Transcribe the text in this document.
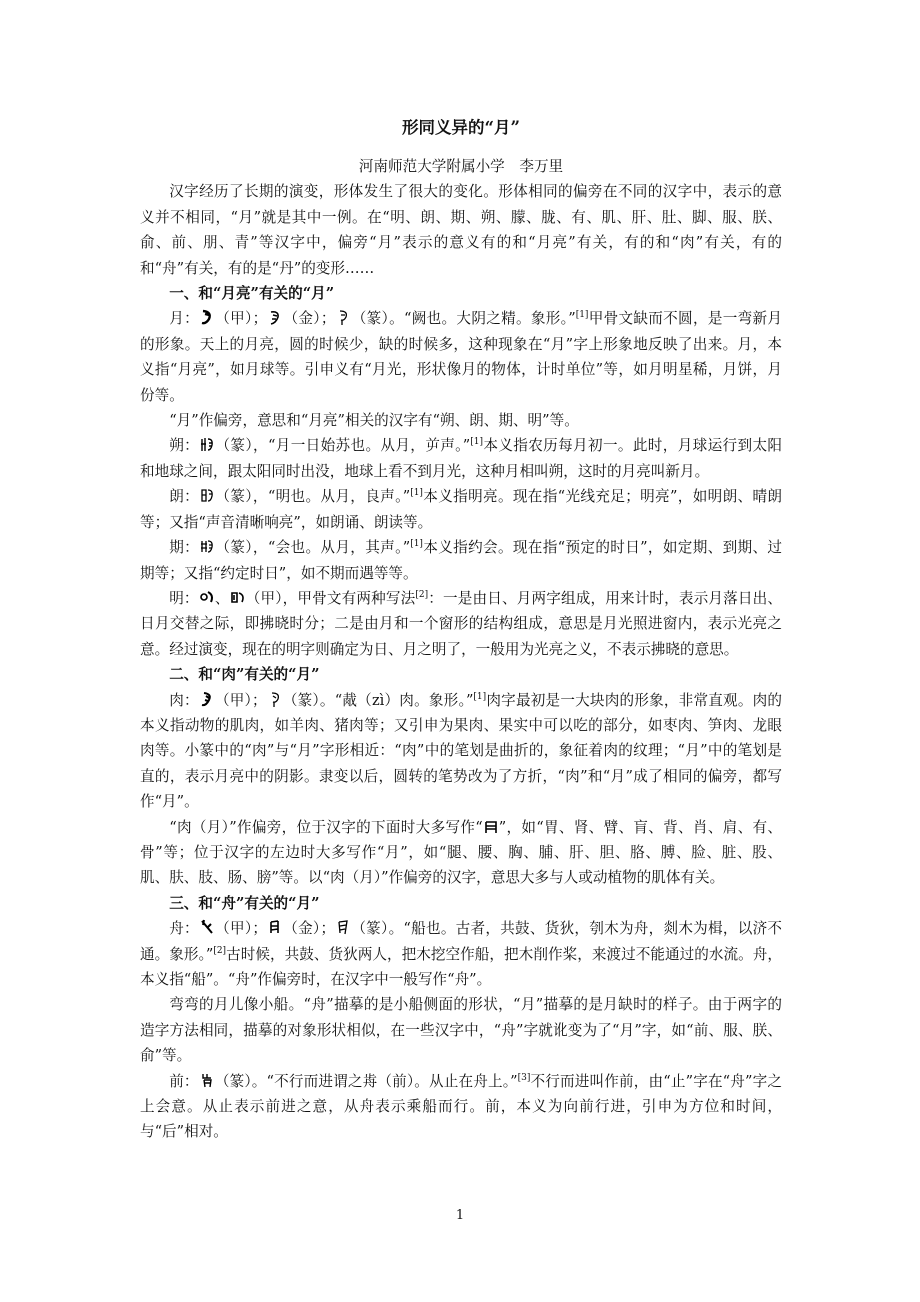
形同义异的“月”

河南师范大学附属小学　李万里

汉字经历了长期的演变，形体发生了很大的变化。形体相同的偏旁在不同的汉字中，表示的意义并不相同，“月”就是其中一例。在“明、朗、期、朔、朦、胧、有、肌、肝、肚、脚、服、朕、俞、前、朋、青”等汉字中，偏旁“月”表示的意义有的和“月亮”有关，有的和“肉”有关，有的和“舟”有关，有的是“丹”的变形……

一、和“月亮”有关的“月”

月： （甲）； （金）； （篆）。“阙也。大阴之精。象形。”[1]甲骨文缺而不圆，是一弯新月的形象。天上的月亮，圆的时候少，缺的时候多，这种现象在“月”字上形象地反映了出来。月，本义指“月亮”，如月球等。引申义有“月光，形状像月的物体，计时单位”等，如月明星稀，月饼，月份等。

“月”作偏旁，意思和“月亮”相关的汉字有“朔、朗、期、明”等。

朔： （篆），“月一日始苏也。从月，屰声。”[1]本义指农历每月初一。此时，月球运行到太阳和地球之间，跟太阳同时出没，地球上看不到月光，这种月相叫朔，这时的月亮叫新月。

朗： （篆），“明也。从月，良声。”[1]本义指明亮。现在指“光线充足；明亮”，如明朗、晴朗等；又指“声音清晰响亮”，如朗诵、朗读等。

期： （篆），“会也。从月，其声。”[1]本义指约会。现在指“预定的时日”，如定期、到期、过期等；又指“约定时日”，如不期而遇等等。

明： 、 （甲），甲骨文有两种写法[2]：一是由日、月两字组成，用来计时，表示月落日出、日月交替之际，即拂晓时分；二是由月和一个窗形的结构组成，意思是月光照进窗内，表示光亮之意。经过演变，现在的明字则确定为日、月之明了，一般用为光亮之义，不表示拂晓的意思。

二、和“肉”有关的“月”

肉： （甲）； （篆）。“胾（zì）肉。象形。”[1]肉字最初是一大块肉的形象，非常直观。肉的本义指动物的肌肉，如羊肉、猪肉等；又引申为果肉、果实中可以吃的部分，如枣肉、笋肉、龙眼肉等。小篆中的“肉”与“月”字形相近：“肉”中的笔划是曲折的，象征着肉的纹理；“月”中的笔划是直的，表示月亮中的阴影。隶变以后，圆转的笔势改为了方折，“肉”和“月”成了相同的偏旁，都写作“月”。

“肉（月）”作偏旁，位于汉字的下面时大多写作“ ”，如“胃、肾、臂、肓、背、肖、肩、有、骨”等；位于汉字的左边时大多写作“月”，如“腿、腰、胸、脯、肝、胆、胳、膊、脸、脏、股、肌、肤、肢、肠、膀”等。以“肉（月）”作偏旁的汉字，意思大多与人或动植物的肌体有关。

三、和“舟”有关的“月”

舟： （甲）； （金）； （篆）。“船也。古者，共鼓、货狄，刳木为舟，剡木为楫，以济不通。象形。”[2]古时候，共鼓、货狄两人，把木挖空作船，把木削作桨，来渡过不能通过的水流。舟，本义指“船”。“舟”作偏旁时，在汉字中一般写作“舟”。

弯弯的月儿像小船。“舟”描摹的是小船侧面的形状，“月”描摹的是月缺时的样子。由于两字的造字方法相同，描摹的对象形状相似，在一些汉字中，“舟”字就讹变为了“月”字，如“前、服、朕、俞”等。

前： （篆）。“不行而进谓之歬（前）。从止在舟上。”[3]不行而进叫作前，由“止”字在“舟”字之上会意。从止表示前进之意，从舟表示乘船而行。前，本义为向前行进，引申为方位和时间，与“后”相对。

1
